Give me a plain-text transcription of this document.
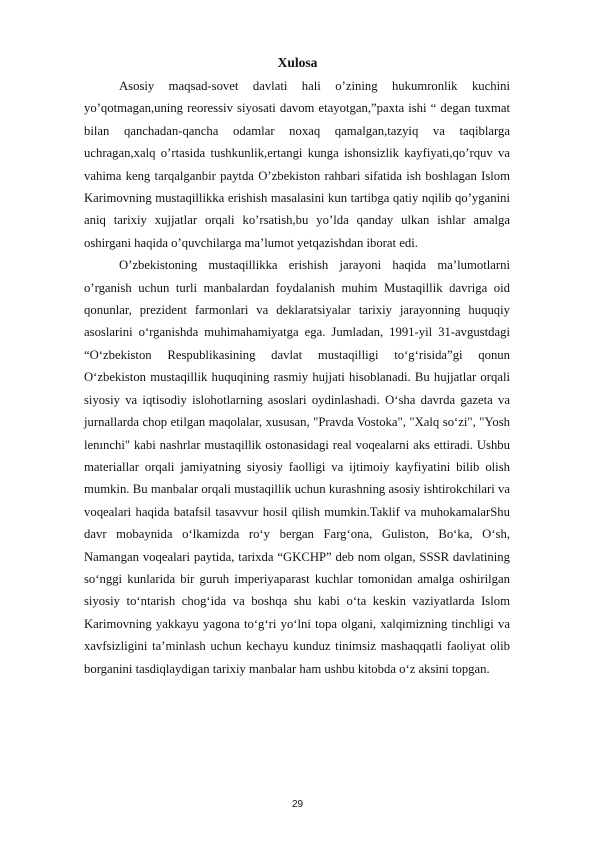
Xulosa

Asosiy maqsad-sovet davlati hali o’zining hukumronlik kuchini yo’qotmagan,uning reoressiv siyosati davom etayotgan,”paxta ishi “ degan tuxmat bilan qanchadan-qancha odamlar noxaq qamalgan,tazyiq va taqiblarga uchragan,xalq o’rtasida tushkunlik,ertangi kunga ishonsizlik kayfiyati,qo’rquv va vahima keng tarqalganbir paytda O’zbekiston rahbari sifatida ish boshlagan Islom Karimovning mustaqillikka erishish masalasini kun tartibga qatiy nqilib qo’yganini aniq tarixiy xujjatlar orqali ko’rsatish,bu yo’lda qanday ulkan ishlar amalga oshirgani haqida o’quvchilarga ma’lumot yetqazishdan iborat edi.

O’zbekistoning mustaqillikka erishish jarayoni haqida ma’lumotlarni o’rganish uchun turli manbalardan foydalanish muhim Mustaqillik davriga oid qonunlar, prezident farmonlari va deklaratsiyalar tarixiy jarayonning huquqiy asoslarini o‘rganishda muhimahamiyatga ega. Jumladan, 1991-yil 31-avgustdagi “O‘zbekiston Respublikasining davlat mustaqilligi to‘g‘risida”gi qonun O‘zbekiston mustaqillik huquqining rasmiy hujjati hisoblanadi. Bu hujjatlar orqali siyosiy va iqtisodiy islohotlarning asoslari oydinlashadi. O‘sha davrda gazeta va jurnallarda chop etilgan maqolalar, xususan, "Pravda Vostoka", "Xalq so‘zi", "Yosh lenınchi" kabi nashrlar mustaqillik ostonasidagi real voqealarni aks ettiradi. Ushbu materiallar orqali jamiyatning siyosiy faolligi va ijtimoiy kayfiyatini bilib olish mumkin. Bu manbalar orqali mustaqillik uchun kurashning asosiy ishtirokchilari va voqealari haqida batafsil tasavvur hosil qilish mumkin.Taklif va muhokamalarShu davr mobaynida o‘lkamizda ro‘y bergan Farg‘ona, Guliston, Bo‘ka, O‘sh, Namangan voqealari paytida, tarixda “GKCHP” deb nom olgan, SSSR davlatining so‘nggi kunlarida bir guruh imperiyaparast kuchlar tomonidan amalga oshirilgan siyosiy to‘ntarish chog‘ida va boshqa shu kabi o‘ta keskin vaziyatlarda Islom Karimovning yakkayu yagona to‘g‘ri yo‘lni topa olgani, xalqimizning tinchligi va xavfsizligini ta’minlash uchun kechayu kunduz tinimsiz mashaqqatli faoliyat olib borganini tasdiqlaydigan tarixiy manbalar ham ushbu kitobda o‘z aksini topgan.

29
